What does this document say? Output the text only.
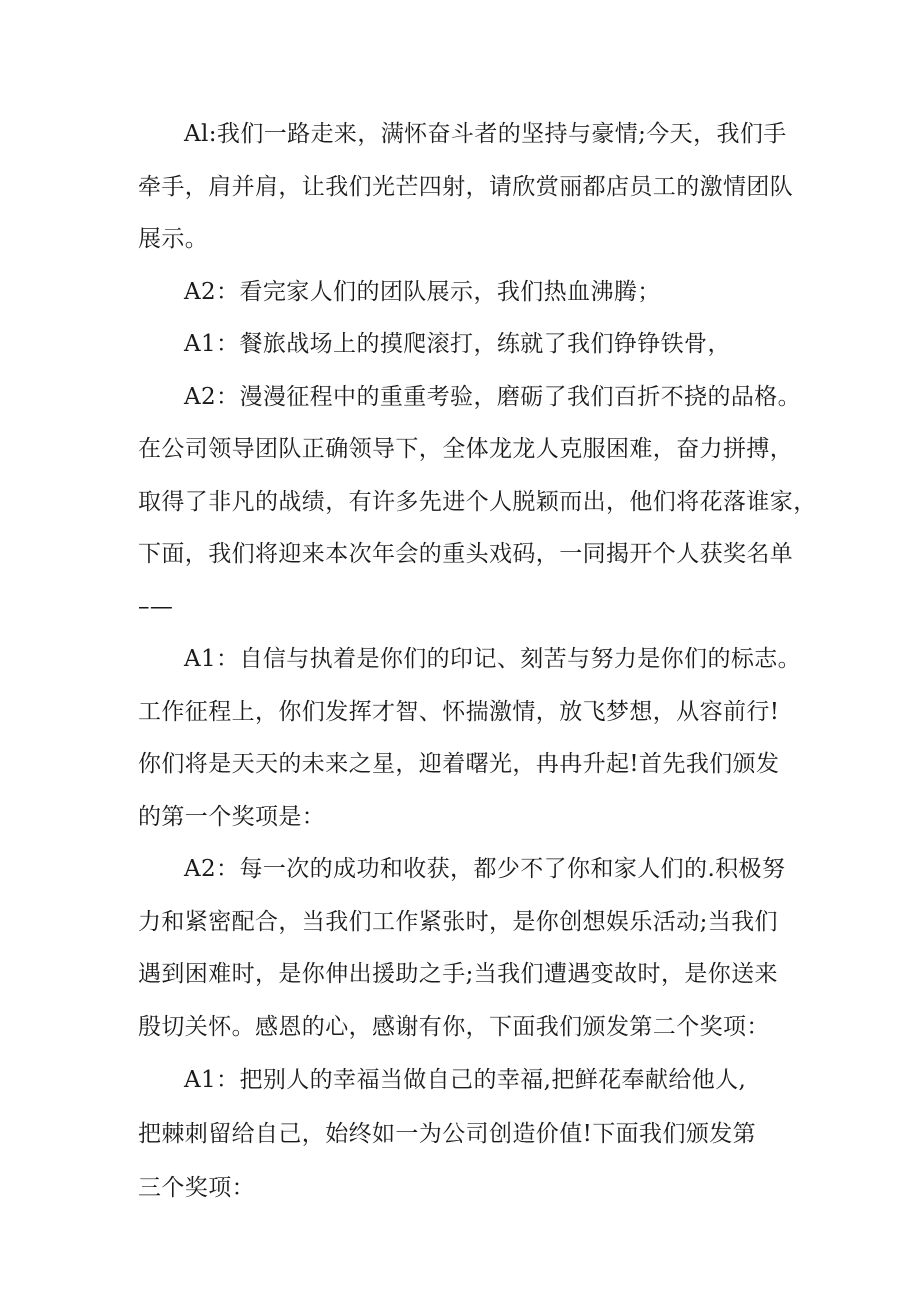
Al:我们一路走来，满怀奋斗者的坚持与豪情;今天，我们手
牵手，肩并肩，让我们光芒四射，请欣赏丽都店员工的激情团队
展示。
A2：看完家人们的团队展示，我们热血沸腾；
A1：餐旅战场上的摸爬滚打，练就了我们铮铮铁骨，
A2：漫漫征程中的重重考验，磨砺了我们百折不挠的品格。
在公司领导团队正确领导下，全体龙龙人克服困难，奋力拼搏，
取得了非凡的战绩，有许多先进个人脱颖而出，他们将花落谁家，
下面，我们将迎来本次年会的重头戏码，一同揭开个人获奖名单
–—
A1：自信与执着是你们的印记、刻苦与努力是你们的标志。
工作征程上，你们发挥才智、怀揣激情，放飞梦想，从容前行!
你们将是天天的未来之星，迎着曙光，冉冉升起!首先我们颁发
的第一个奖项是：
A2：每一次的成功和收获，都少不了你和家人们的.积极努
力和紧密配合，当我们工作紧张时，是你创想娱乐活动;当我们
遇到困难时，是你伸出援助之手;当我们遭遇变故时，是你送来
殷切关怀。感恩的心，感谢有你，下面我们颁发第二个奖项：
A1：把别人的幸福当做自己的幸福,把鲜花奉献给他人,
把棘刺留给自己，始终如一为公司创造价值!下面我们颁发第
三个奖项：
